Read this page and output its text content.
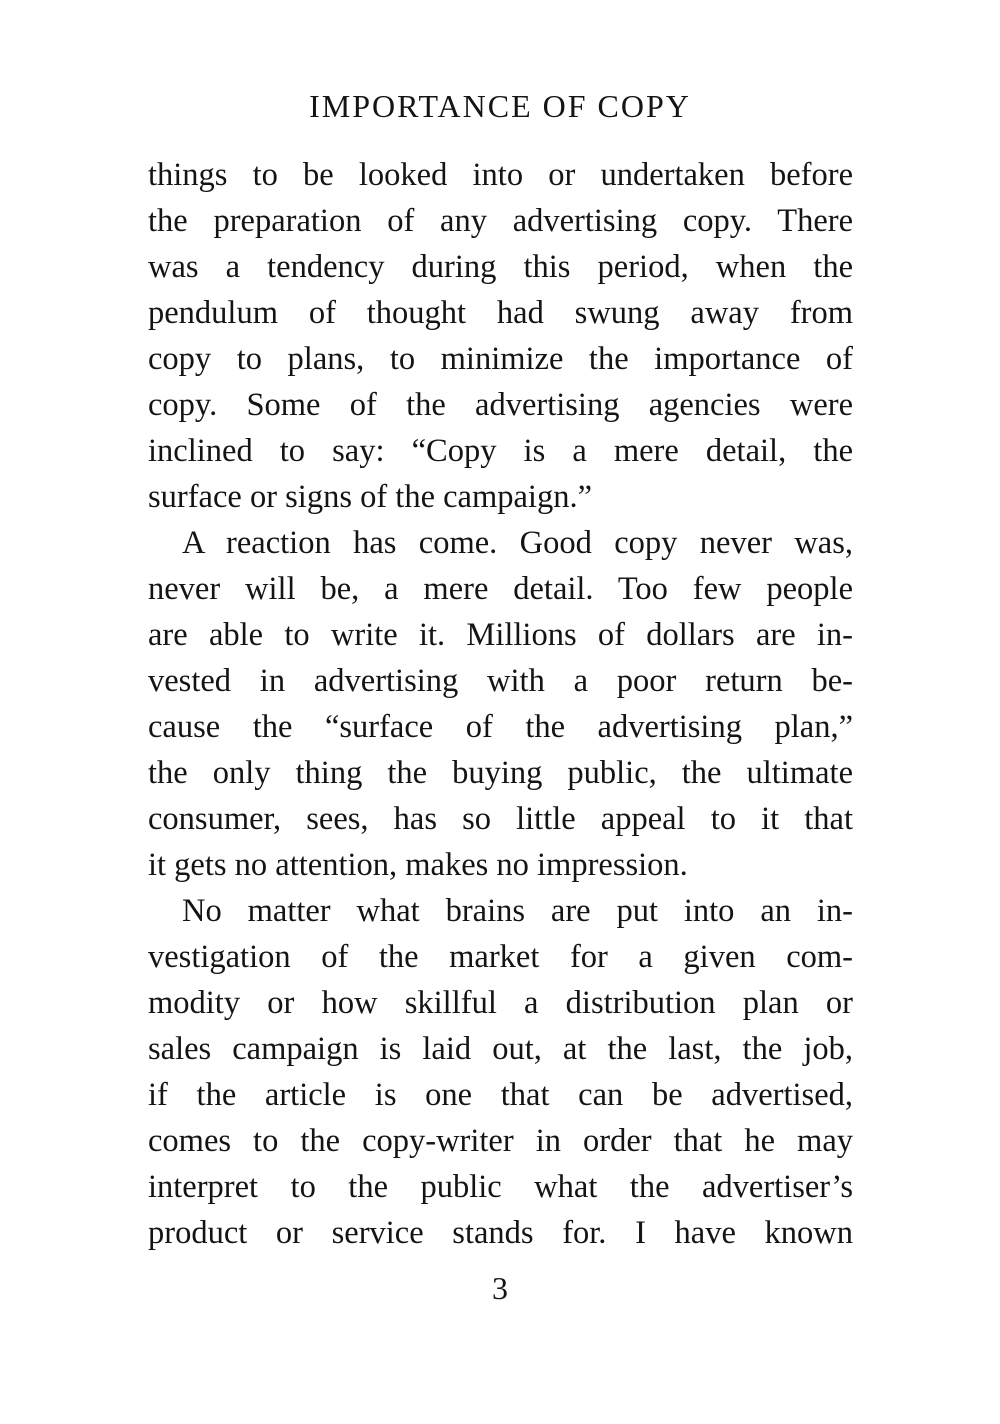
IMPORTANCE OF COPY
things to be looked into or undertaken before
the preparation of any advertising copy. There
was a tendency during this period, when the
pendulum of thought had swung away from
copy to plans, to minimize the importance of
copy. Some of the advertising agencies were
inclined to say: “Copy is a mere detail, the
surface or signs of the campaign.”
A reaction has come. Good copy never was,
never will be, a mere detail. Too few people
are able to write it. Millions of dollars are in-
vested in advertising with a poor return be-
cause the “surface of the advertising plan,”
the only thing the buying public, the ultimate
consumer, sees, has so little appeal to it that
it gets no attention, makes no impression.
No matter what brains are put into an in-
vestigation of the market for a given com-
modity or how skillful a distribution plan or
sales campaign is laid out, at the last, the job,
if the article is one that can be advertised,
comes to the copy-writer in order that he may
interpret to the public what the advertiser’s
product or service stands for. I have known
3
